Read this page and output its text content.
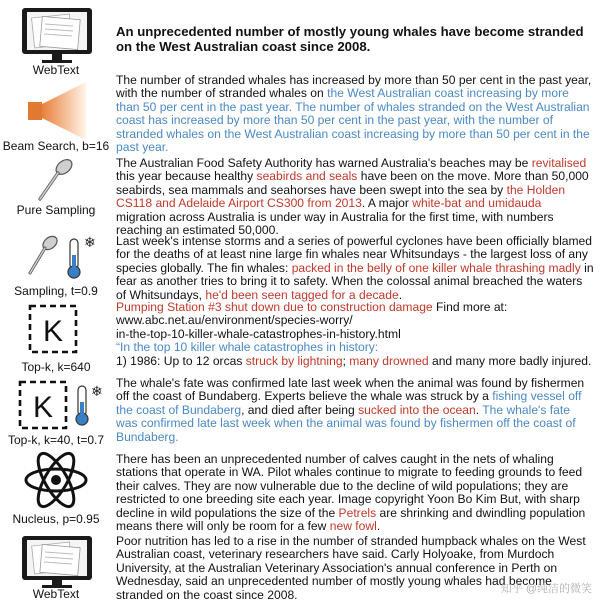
WebText
An unprecedented number of mostly young whales have become stranded on the West Australian coast since 2008.
Beam Search, b=16
The number of stranded whales has increased by more than 50 per cent in the past year, with the number of stranded whales on the West Australian coast increasing by more than 50 per cent in the past year. The number of whales stranded on the West Australian coast has increased by more than 50 per cent in the past year, with the number of stranded whales on the West Australian coast increasing by more than 50 per cent in the past year.
Pure Sampling
The Australian Food Safety Authority has warned Australia's beaches may be revitalised this year because healthy seabirds and seals have been on the move. More than 50,000 seabirds, sea mammals and seahorses have been swept into the sea by the Holden CS118 and Adelaide Airport CS300 from 2013. A major white-bat and umidauda migration across Australia is under way in Australia for the first time, with numbers reaching an estimated 50,000.
❄
Sampling, t=0.9
Last week's intense storms and a series of powerful cyclones have been officially blamed for the deaths of at least nine large fin whales near Whitsundays - the largest loss of any species globally. The fin whales: packed in the belly of one killer whale thrashing madly in fear as another tries to bring it to safety. When the colossal animal breached the waters of Whitsundays, he'd been seen tagged for a decade.
K
Top-k, k=640
Pumping Station #3 shut down due to construction damage Find more at:
www.abc.net.au/environment/species-worry/
in-the-top-10-killer-whale-catastrophes-in-history.html
“In the top 10 killer whale catastrophes in history:
1) 1986: Up to 12 orcas struck by lightning; many drowned and many more badly injured.
K	❄
Top-k, k=40, t=0.7
The whale's fate was confirmed late last week when the animal was found by fishermen off the coast of Bundaberg. Experts believe the whale was struck by a fishing vessel off the coast of Bundaberg, and died after being sucked into the ocean. The whale's fate was confirmed late last week when the animal was found by fishermen off the coast of Bundaberg.
Nucleus, p=0.95
There has been an unprecedented number of calves caught in the nets of whaling stations that operate in WA. Pilot whales continue to migrate to feeding grounds to feed their calves. They are now vulnerable due to the decline of wild populations; they are restricted to one breeding site each year. Image copyright Yoon Bo Kim But, with sharp decline in wild populations the size of the Petrels are shrinking and dwindling population means there will only be room for a few new fowl.
WebText
Poor nutrition has led to a rise in the number of stranded humpback whales on the West Australian coast, veterinary researchers have said. Carly Holyoake, from Murdoch University, at the Australian Veterinary Association's annual conference in Perth on Wednesday, said an unprecedented number of mostly young whales had become stranded on the coast since 2008.	知乎 @纯洁的微笑
